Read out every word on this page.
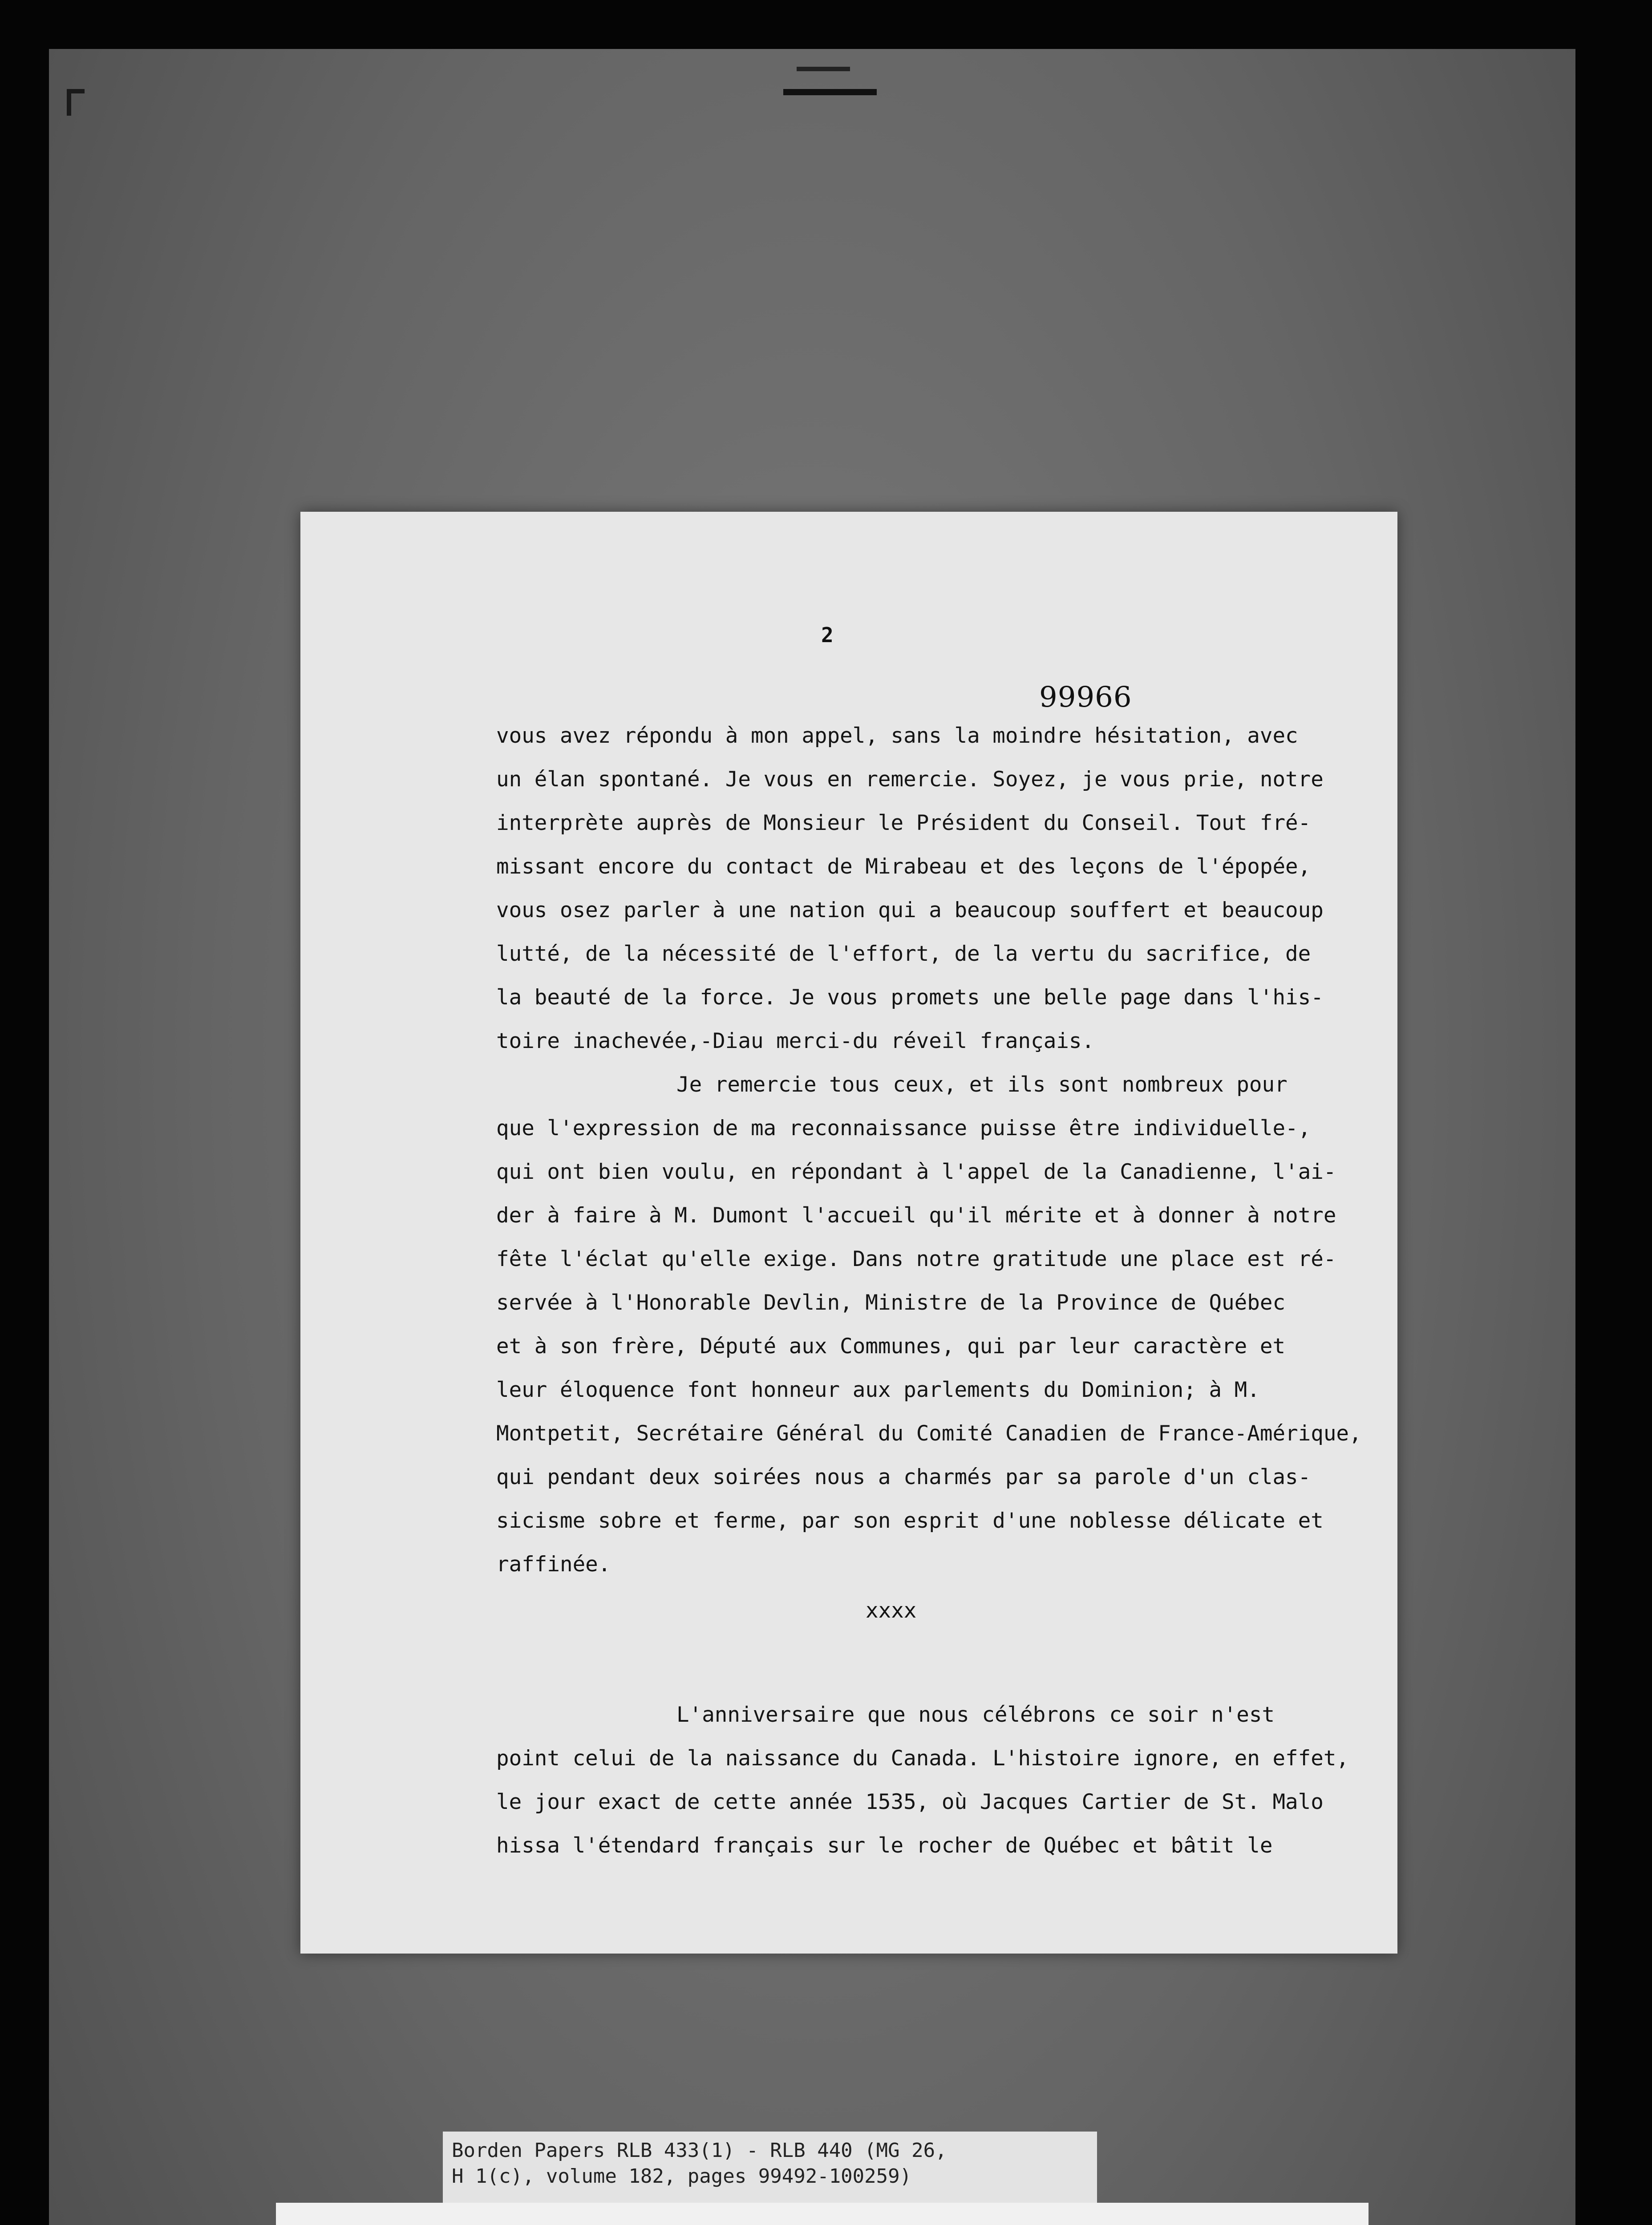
2
99966
vous avez répondu à mon appel, sans la moindre hésitation, avec
un élan spontané. Je vous en remercie. Soyez, je vous prie, notre
interprète auprès de Monsieur le Président du Conseil. Tout fré-
missant encore du contact de Mirabeau et des leçons de l'épopée,
vous osez parler à une nation qui a beaucoup souffert et beaucoup
lutté, de la nécessité de l'effort, de la vertu du sacrifice, de
la beauté de la force. Je vous promets une belle page dans l'his-
toire inachevée,-Diau merci-du réveil français.
Je remercie tous ceux, et ils sont nombreux pour
que l'expression de ma reconnaissance puisse être individuelle-,
qui ont bien voulu, en répondant à l'appel de la Canadienne, l'ai-
der à faire à M. Dumont l'accueil qu'il mérite et à donner à notre
fête l'éclat qu'elle exige. Dans notre gratitude une place est ré-
servée à l'Honorable Devlin, Ministre de la Province de Québec
et à son frère, Député aux Communes, qui par leur caractère et
leur éloquence font honneur aux parlements du Dominion; à M.
Montpetit, Secrétaire Général du Comité Canadien de France-Amérique,
qui pendant deux soirées nous a charmés par sa parole d'un clas-
sicisme sobre et ferme, par son esprit d'une noblesse délicate et
raffinée.
xxxx
L'anniversaire que nous célébrons ce soir n'est
point celui de la naissance du Canada. L'histoire ignore, en effet,
le jour exact de cette année 1535, où Jacques Cartier de St. Malo
hissa l'étendard français sur le rocher de Québec et bâtit le
Borden Papers RLB 433(1) - RLB 440 (MG 26,
H 1(c), volume 182, pages 99492-100259)
